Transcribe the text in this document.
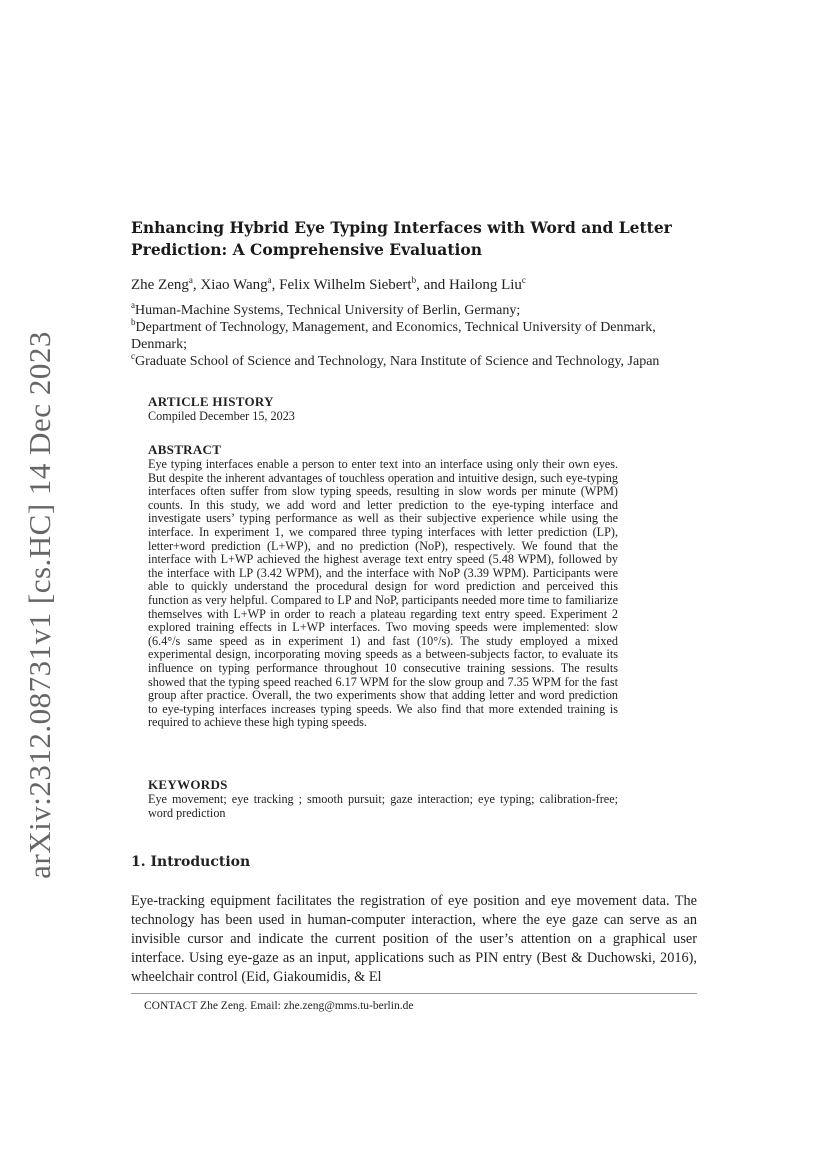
arXiv:2312.08731v1 [cs.HC] 14 Dec 2023
Enhancing Hybrid Eye Typing Interfaces with Word and Letter Prediction: A Comprehensive Evaluation

Zhe Zeng$^a$, Xiao Wang$^a$, Felix Wilhelm Siebert$^b$, and Hailong Liu$^c$

$^a$Human-Machine Systems, Technical University of Berlin, Germany;
$^b$Department of Technology, Management, and Economics, Technical University of Denmark, Denmark;
$^c$Graduate School of Science and Technology, Nara Institute of Science and Technology, Japan

ARTICLE HISTORY

Compiled December 15, 2023

ABSTRACT

Eye typing interfaces enable a person to enter text into an interface using only their own eyes. But despite the inherent advantages of touchless operation and intuitive design, such eye-typing interfaces often suffer from slow typing speeds, resulting in slow words per minute (WPM) counts. In this study, we add word and letter prediction to the eye-typing interface and investigate users’ typing performance as well as their subjective experience while using the interface. In experiment 1, we compared three typing interfaces with letter prediction (LP), letter+word prediction (L+WP), and no prediction (NoP), respectively. We found that the interface with L+WP achieved the highest average text entry speed (5.48 WPM), followed by the interface with LP (3.42 WPM), and the interface with NoP (3.39 WPM). Participants were able to quickly understand the procedural design for word prediction and perceived this function as very helpful. Compared to LP and NoP, participants needed more time to familiarize themselves with L+WP in order to reach a plateau regarding text entry speed. Experiment 2 explored training effects in L+WP interfaces. Two moving speeds were implemented: slow (6.4°/s same speed as in experiment 1) and fast (10°/s). The study employed a mixed experimental design, incorporating moving speeds as a between-subjects factor, to evaluate its influence on typing performance throughout 10 consecutive training sessions. The results showed that the typing speed reached 6.17 WPM for the slow group and 7.35 WPM for the fast group after practice. Overall, the two experiments show that adding letter and word prediction to eye-typing interfaces increases typing speeds. We also find that more extended training is required to achieve these high typing speeds.

KEYWORDS

Eye movement; eye tracking ; smooth pursuit; gaze interaction; eye typing; calibration-free; word prediction

1. Introduction

Eye-tracking equipment facilitates the registration of eye position and eye movement data. The technology has been used in human-computer interaction, where the eye gaze can serve as an invisible cursor and indicate the current position of the user’s attention on a graphical user interface. Using eye-gaze as an input, applications such as PIN entry (Best & Duchowski, 2016), wheelchair control (Eid, Giakoumidis, & El

CONTACT Zhe Zeng. Email: zhe.zeng@mms.tu-berlin.de
